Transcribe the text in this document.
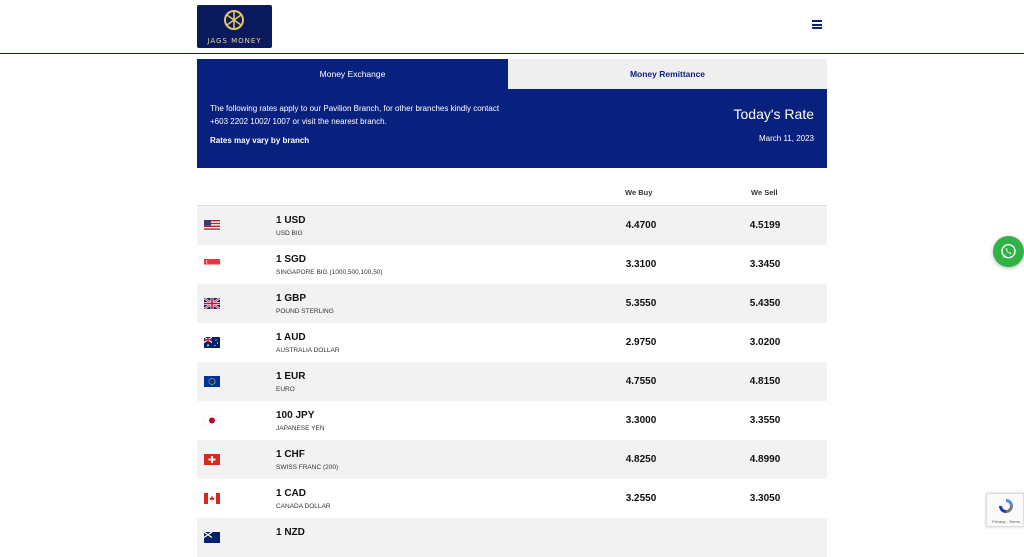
JAGS MONEY
Money Exchange	Money Remittance
The following rates apply to our Pavilion Branch, for other branches kindly contact +603 2202 1002/ 1007 or visit the nearest branch.
Rates may vary by branch
Today's Rate
March 11, 2023
We Buy	We Sell
1 USD
USD BIG
4.4700	4.5199
1 SGD
SINGAPORE BIG (1000,500,100,50)
3.3100	3.3450
1 GBP
POUND STERLING
5.3550	5.4350
1 AUD
AUSTRALIA DOLLAR
2.9750	3.0200
1 EUR
EURO
4.7550	4.8150
100 JPY
JAPANESE YEN
3.3000	3.3550
1 CHF
SWISS FRANC (200)
4.8250	4.8990
1 CAD
CANADA DOLLAR
3.2550	3.3050
1 NZD
Privacy - Terms
